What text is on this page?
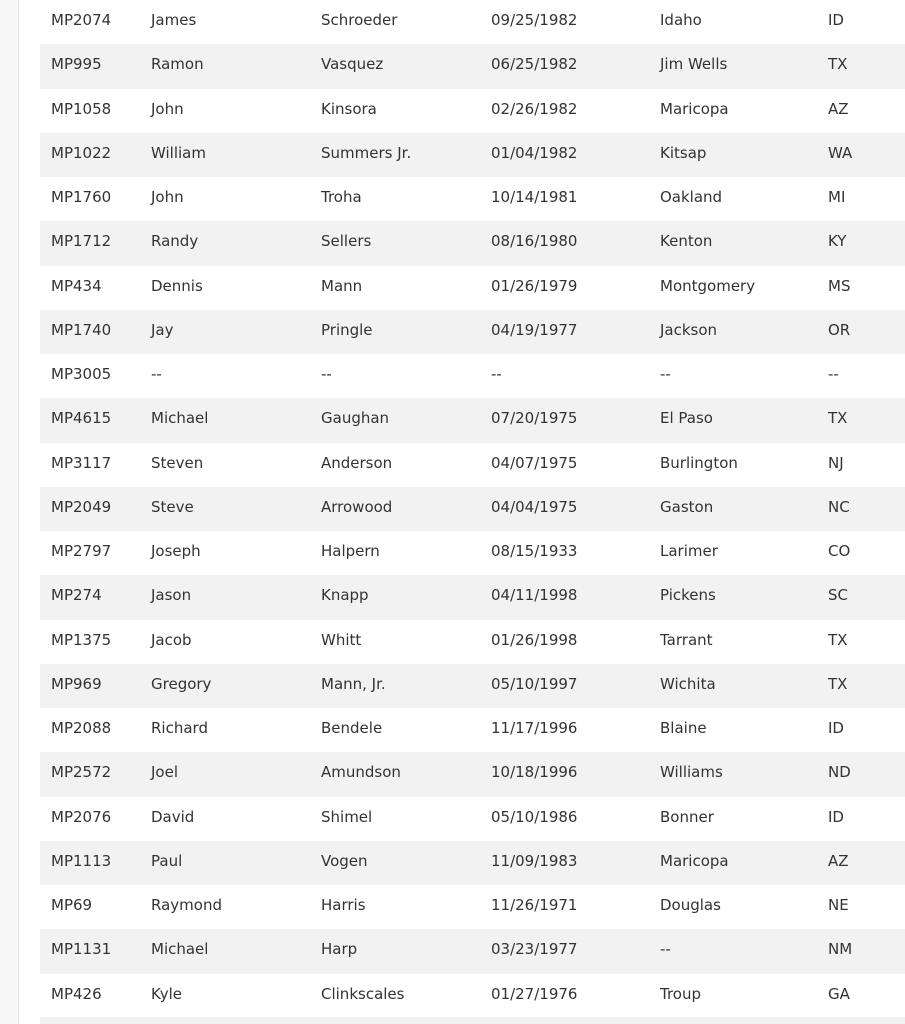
MP2074	James	Schroeder	09/25/1982	Idaho	ID
MP995	Ramon	Vasquez	06/25/1982	Jim Wells	TX
MP1058	John	Kinsora	02/26/1982	Maricopa	AZ
MP1022	William	Summers Jr.	01/04/1982	Kitsap	WA
MP1760	John	Troha	10/14/1981	Oakland	MI
MP1712	Randy	Sellers	08/16/1980	Kenton	KY
MP434	Dennis	Mann	01/26/1979	Montgomery	MS
MP1740	Jay	Pringle	04/19/1977	Jackson	OR
MP3005	--	--	--	--	--
MP4615	Michael	Gaughan	07/20/1975	El Paso	TX
MP3117	Steven	Anderson	04/07/1975	Burlington	NJ
MP2049	Steve	Arrowood	04/04/1975	Gaston	NC
MP2797	Joseph	Halpern	08/15/1933	Larimer	CO
MP274	Jason	Knapp	04/11/1998	Pickens	SC
MP1375	Jacob	Whitt	01/26/1998	Tarrant	TX
MP969	Gregory	Mann, Jr.	05/10/1997	Wichita	TX
MP2088	Richard	Bendele	11/17/1996	Blaine	ID
MP2572	Joel	Amundson	10/18/1996	Williams	ND
MP2076	David	Shimel	05/10/1986	Bonner	ID
MP1113	Paul	Vogen	11/09/1983	Maricopa	AZ
MP69	Raymond	Harris	11/26/1971	Douglas	NE
MP1131	Michael	Harp	03/23/1977	--	NM
MP426	Kyle	Clinkscales	01/27/1976	Troup	GA
